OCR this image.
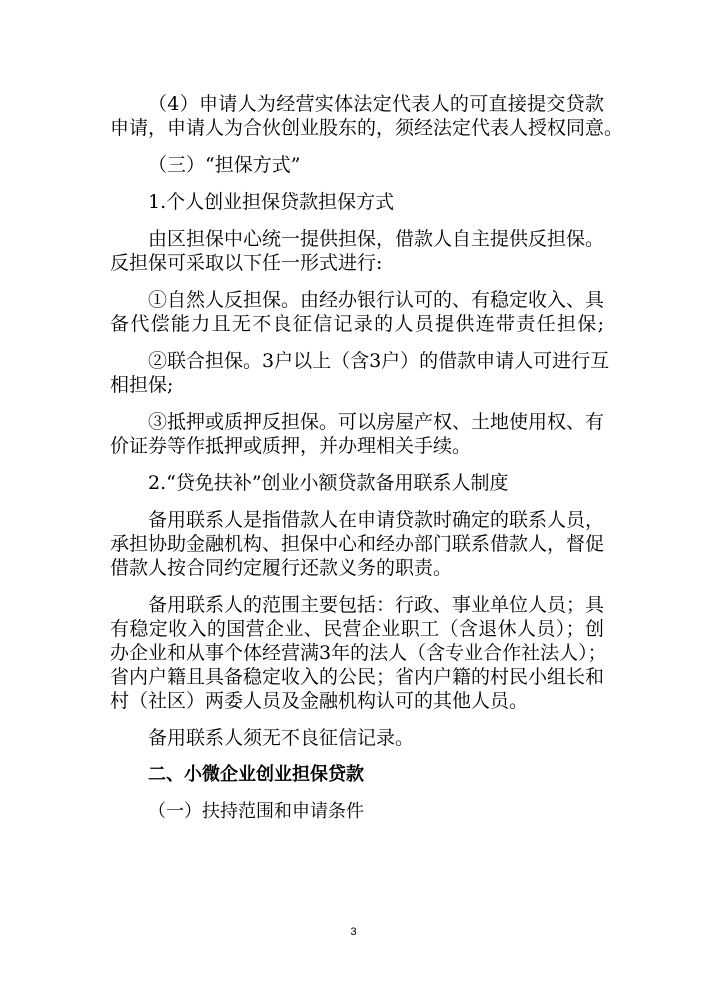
（4）申请人为经营实体法定代表人的可直接提交贷款

申请，申请人为合伙创业股东的，须经法定代表人授权同意。

（三）“担保方式”

1.个人创业担保贷款担保方式

由区担保中心统一提供担保，借款人自主提供反担保。

反担保可采取以下任一形式进行:

①自然人反担保。由经办银行认可的、有稳定收入、具

备代偿能力且无不良征信记录的人员提供连带责任担保;

②联合担保。3户以上（含3户）的借款申请人可进行互

相担保;

③抵押或质押反担保。可以房屋产权、土地使用权、有

价证券等作抵押或质押，并办理相关手续。

2.“贷免扶补”创业小额贷款备用联系人制度

备用联系人是指借款人在申请贷款时确定的联系人员，

承担协助金融机构、担保中心和经办部门联系借款人，督促

借款人按合同约定履行还款义务的职责。

备用联系人的范围主要包括：行政、事业单位人员；具

有稳定收入的国营企业、民营企业职工（含退休人员）；创

办企业和从事个体经营满3年的法人（含专业合作社法人）；

省内户籍且具备稳定收入的公民；省内户籍的村民小组长和

村（社区）两委人员及金融机构认可的其他人员。

备用联系人须无不良征信记录。

二、小微企业创业担保贷款

（一）扶持范围和申请条件

3
